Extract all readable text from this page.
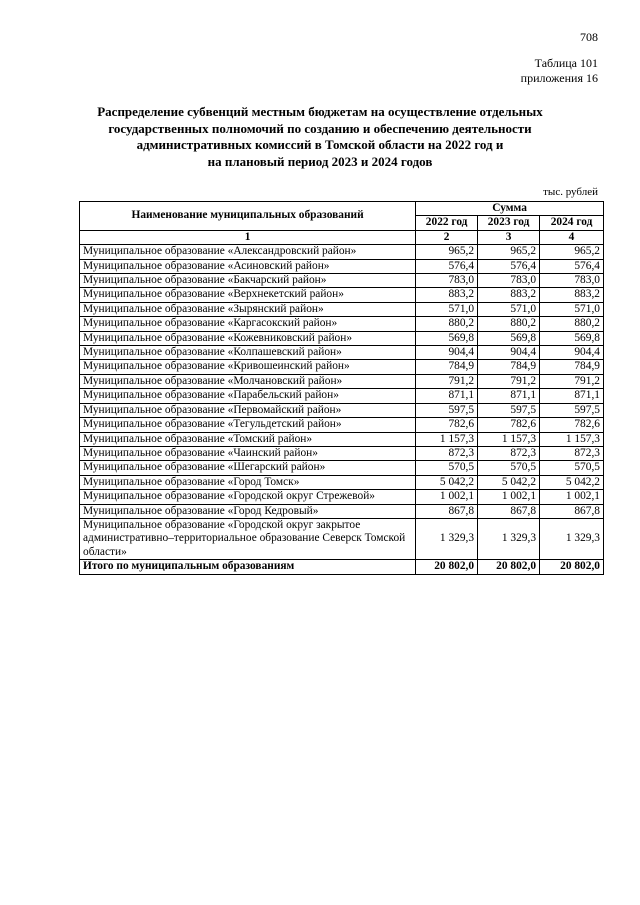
708
Таблица 101
приложения 16
Распределение субвенций местным бюджетам на осуществление отдельных
государственных полномочий по созданию и обеспечению деятельности
административных комиссий в Томской области на 2022 год и
на плановый период 2023 и 2024 годов
тыс. рублей
Наименование муниципальных образований	Сумма		
	2022 год	2023 год	2024 год
1	2	3	4
Муниципальное образование «Александровский район»	965,2	965,2	965,2
Муниципальное образование «Асиновский район»	576,4	576,4	576,4
Муниципальное образование «Бакчарский район»	783,0	783,0	783,0
Муниципальное образование «Верхнекетский район»	883,2	883,2	883,2
Муниципальное образование «Зырянский район»	571,0	571,0	571,0
Муниципальное образование «Каргасокский район»	880,2	880,2	880,2
Муниципальное образование «Кожевниковский район»	569,8	569,8	569,8
Муниципальное образование «Колпашевский район»	904,4	904,4	904,4
Муниципальное образование «Кривошеинский район»	784,9	784,9	784,9
Муниципальное образование «Молчановский район»	791,2	791,2	791,2
Муниципальное образование «Парабельский район»	871,1	871,1	871,1
Муниципальное образование «Первомайский район»	597,5	597,5	597,5
Муниципальное образование «Тегульдетский район»	782,6	782,6	782,6
Муниципальное образование «Томский район»	1 157,3	1 157,3	1 157,3
Муниципальное образование «Чаинский район»	872,3	872,3	872,3
Муниципальное образование «Шегарский район»	570,5	570,5	570,5
Муниципальное образование «Город Томск»	5 042,2	5 042,2	5 042,2
Муниципальное образование «Городской округ Стрежевой»	1 002,1	1 002,1	1 002,1
Муниципальное образование «Город Кедровый»	867,8	867,8	867,8
Муниципальное образование «Городской округ закрытое административно–территориальное образование Северск Томской области»	1 329,3	1 329,3	1 329,3
Итого по муниципальным образованиям	20 802,0	20 802,0	20 802,0
